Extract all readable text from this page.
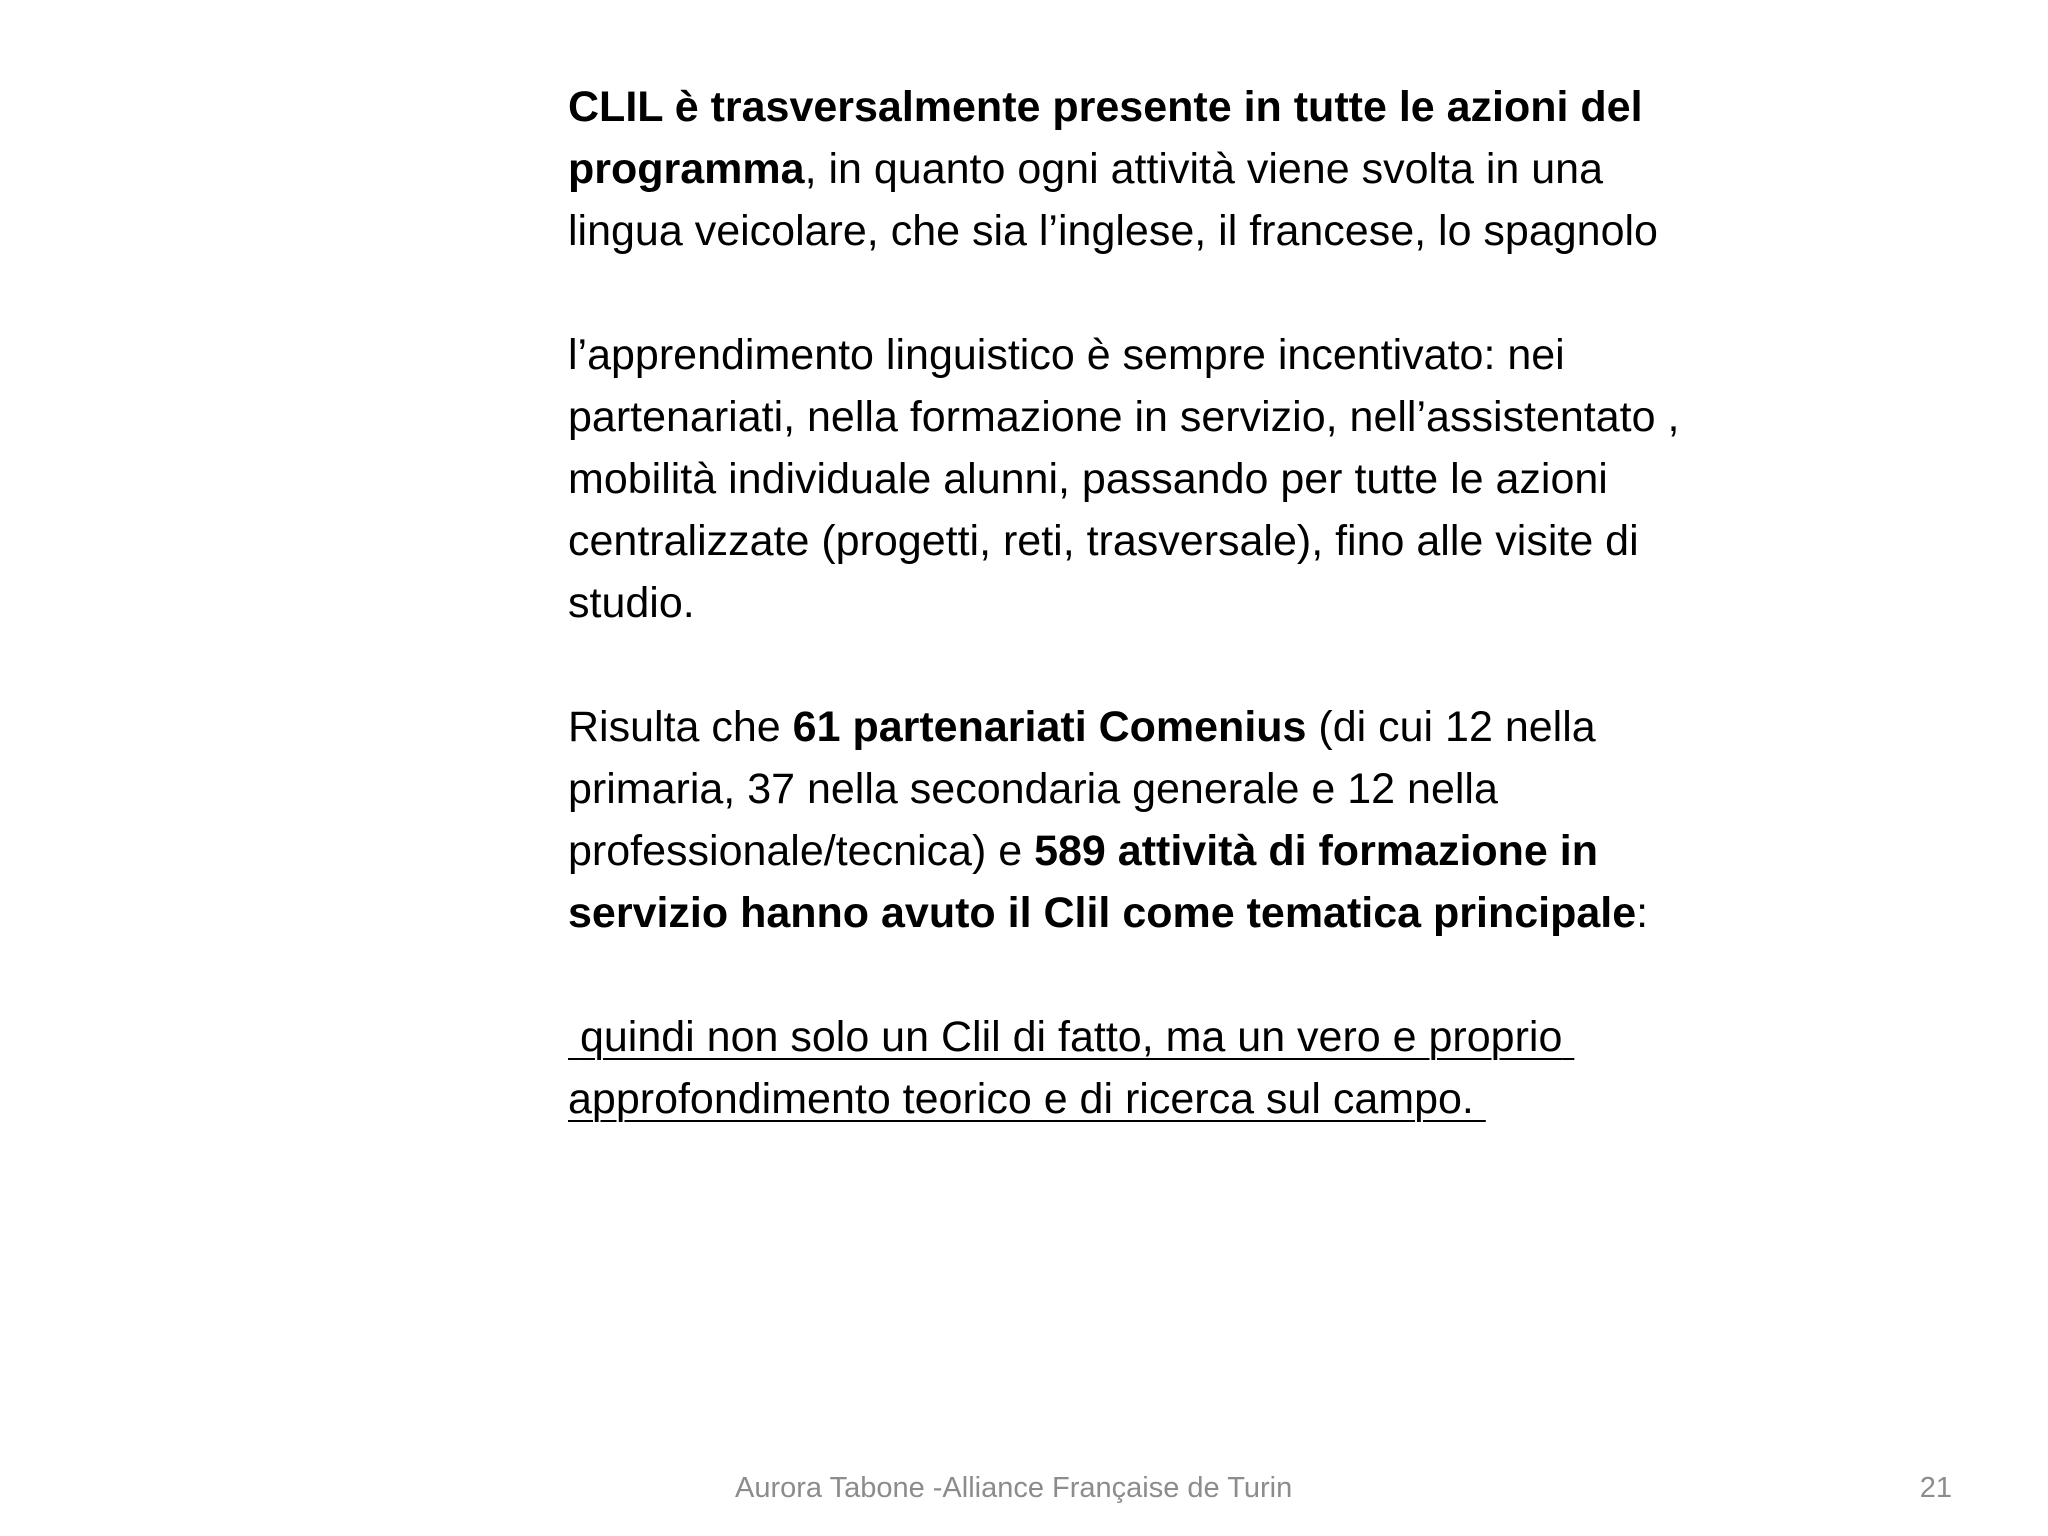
CLIL è trasversalmente presente in tutte le azioni del programma, in quanto ogni attività viene svolta in una lingua veicolare, che sia l’inglese, il francese, lo spagnolo

l’apprendimento linguistico è sempre incentivato: nei partenariati, nella formazione in servizio, nell’assistentato , mobilità individuale alunni, passando per tutte le azioni centralizzate (progetti, reti, trasversale), fino alle visite di studio.

Risulta che 61 partenariati Comenius (di cui 12 nella primaria, 37 nella secondaria generale e 12 nella professionale/tecnica) e 589 attività di formazione in servizio hanno avuto il Clil come tematica principale:

quindi non solo un Clil di fatto, ma un vero e proprio approfondimento teorico e di ricerca sul campo.

Aurora Tabone -Alliance Française de Turin	21
